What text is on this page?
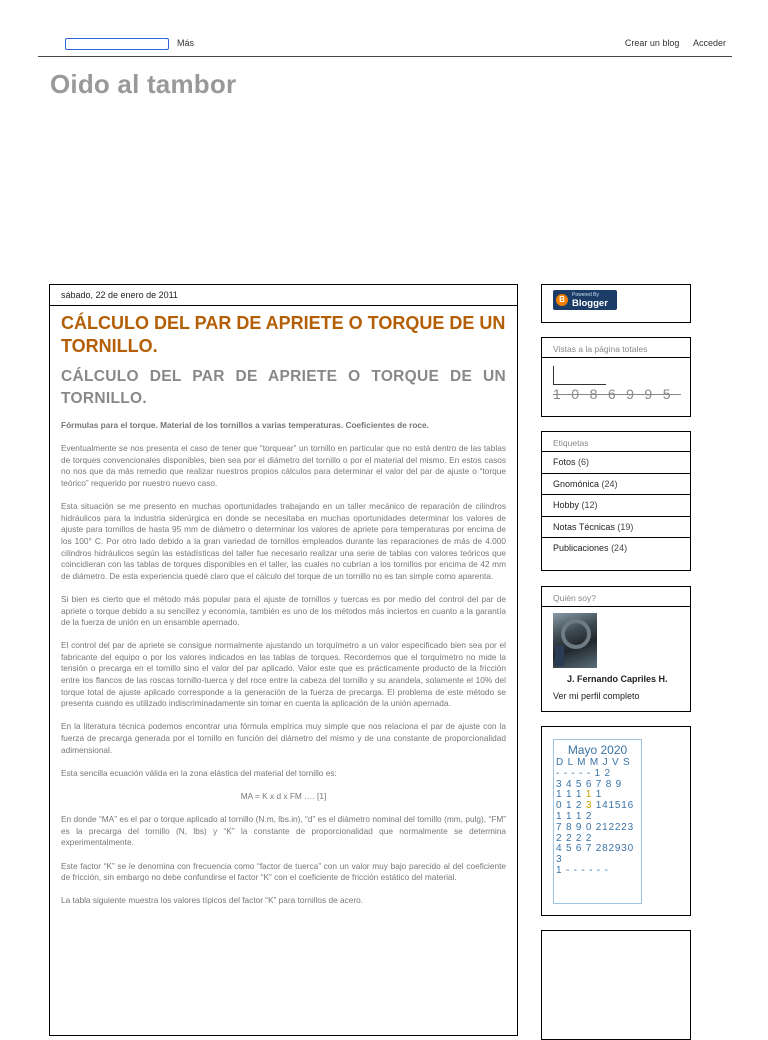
Más	Crear un blog Acceder
Oido al tambor
sábado, 22 de enero de 2011
CÁLCULO DEL PAR DE APRIETE O TORQUE DE UN TORNILLO.
CÁLCULO DEL PAR DE APRIETE O TORQUE DE UN TORNILLO.

Fórmulas para el torque. Material de los tornillos a varias temperaturas. Coeficientes de roce.

Eventualmente se nos presenta el caso de tener que “torquear” un tornillo en particular que no está dentro de las tablas de torques convencionales disponibles, bien sea por el diámetro del tornillo o por el material del mismo. En estos casos no nos que da más remedio que realizar nuestros propios cálculos para determinar el valor del par de ajuste o “torque teórico” requerido por nuestro nuevo caso.

Esta situación se me presento en muchas oportunidades trabajando en un taller mecánico de reparación de cilindros hidráulicos para la industria siderúrgica en donde se necesitaba en muchas oportunidades determinar los valores de ajuste para tornillos de hasta 95 mm de diámetro o determinar los valores de apriete para temperaturas por encima de los 100° C. Por otro lado debido a la gran variedad de tornillos empleados durante las reparaciones de más de 4.000 cilindros hidráulicos según las estadísticas del taller fue necesario realizar una serie de tablas con valores teóricos que coincidieran con las tablas de torques disponibles en el taller, las cuales no cubrían a los tornillos por encima de 42 mm de diámetro. De esta experiencia quedé claro que el cálculo del torque de un tornillo no es tan simple como aparenta.

Si bien es cierto que el método más popular para el ajuste de tornillos y tuercas es por medio del control del par de apriete o torque debido a su sencillez y economía, también es uno de los métodos más inciertos en cuanto a la garantía de la fuerza de unión en un ensamble apernado.

El control del par de apriete se consigue normalmente ajustando un torquímetro a un valor especificado bien sea por el fabricante del equipo o por los valores indicados en las tablas de torques. Recordemos que el torquímetro no mide la tensión o precarga en el tornillo sino el valor del par aplicado. Valor este que es prácticamente producto de la fricción entre los flancos de las roscas tornillo-tuerca y del roce entre la cabeza del tornillo y su arandela, solamente el 10% del torque total de ajuste aplicado corresponde a la generación de la fuerza de precarga. El problema de este método se presenta cuando es utilizado indiscriminadamente sin tomar en cuenta la aplicación de la unión apernada.

En la literatura técnica podemos encontrar una fórmula empírica muy simple que nos relaciona el par de ajuste con la fuerza de precarga generada por el tornillo en función del diámetro del mismo y de una constante de proporcionalidad adimensional.

Esta sencilla ecuación válida en la zona elástica del material del tornillo es:

MA = K x d x FM …. [1]

En donde “MA” es el par o torque aplicado al tornillo (N.m, lbs.in), “d” es el diámetro nominal del tornillo (mm, pulg), “FM” es la precarga del tornillo (N, lbs) y “K” la constante de proporcionalidad que normalmente se determina experimentalmente.

Este factor “K” se le denomina con frecuencia como “factor de tuerca” con un valor muy bajo parecido al del coeficiente de fricción, sin embargo no debe confundirse el factor “K” con el coeficiente de fricción estático del material.

La tabla siguiente muestra los valores típicos del factor “K” para tornillos de acero.

B	Powered By
Blogger
Vistas a la página totales
1086995
Etiquetas
Fotos (6)
Gnomónica (24)
Hobby (12)
Notas Técnicas (19)
Publicaciones (24)
Quién soy?
J. Fernando Capriles H.
Ver mi perfil completo
Mayo 2020
D L M M J V S
- - - - - 1 2
3 4 5 6 7 8 9
1 1 1 1 1
0 1 2 3 141516
1 1 1 2
7 8 9 0 212223
2 2 2 2
4 5 6 7 282930
3
1 - - - - - -
